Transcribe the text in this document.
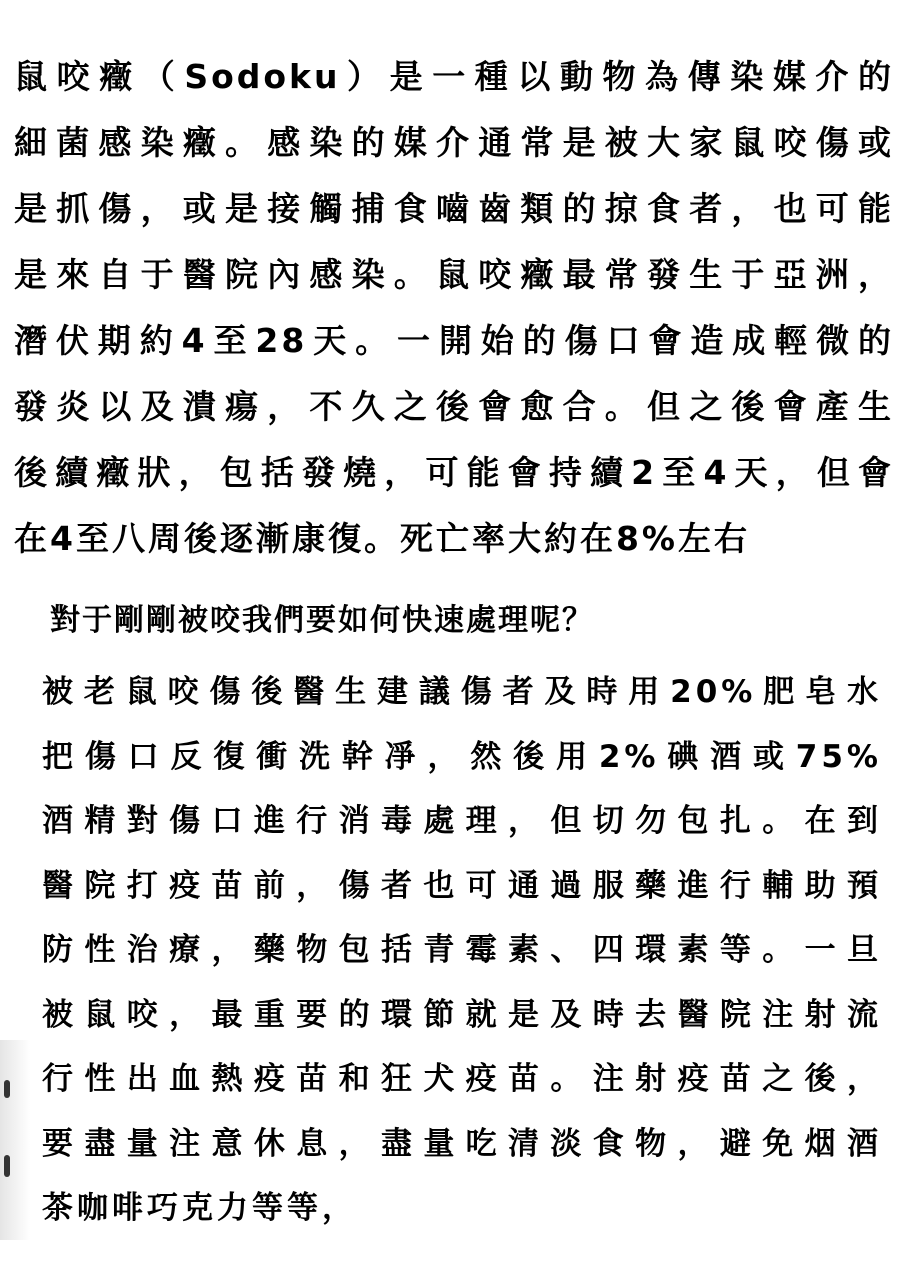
鼠咬癥（Sodoku）是一種以動物為傳染媒介的
細菌感染癥。感染的媒介通常是被大家鼠咬傷或
是抓傷，或是接觸捕食嚙齒類的掠食者，也可能
是來自于醫院內感染。鼠咬癥最常發生于亞洲，
潛伏期約4至28天。一開始的傷口會造成輕微的
發炎以及潰瘍，不久之後會愈合。但之後會產生
後續癥狀，包括發燒，可能會持續2至4天，但會
在4至八周後逐漸康復。死亡率大約在8%左右
對于剛剛被咬我們要如何快速處理呢？
被老鼠咬傷後醫生建議傷者及時用20%肥皂水
把傷口反復衝洗幹凈，然後用2%碘酒或75%
酒精對傷口進行消毒處理，但切勿包扎。在到
醫院打疫苗前，傷者也可通過服藥進行輔助預
防性治療，藥物包括青霉素、四環素等。一旦
被鼠咬，最重要的環節就是及時去醫院注射流
行性出血熱疫苗和狂犬疫苗。注射疫苗之後，
要盡量注意休息，盡量吃清淡食物，避免烟酒
茶咖啡巧克力等等，
